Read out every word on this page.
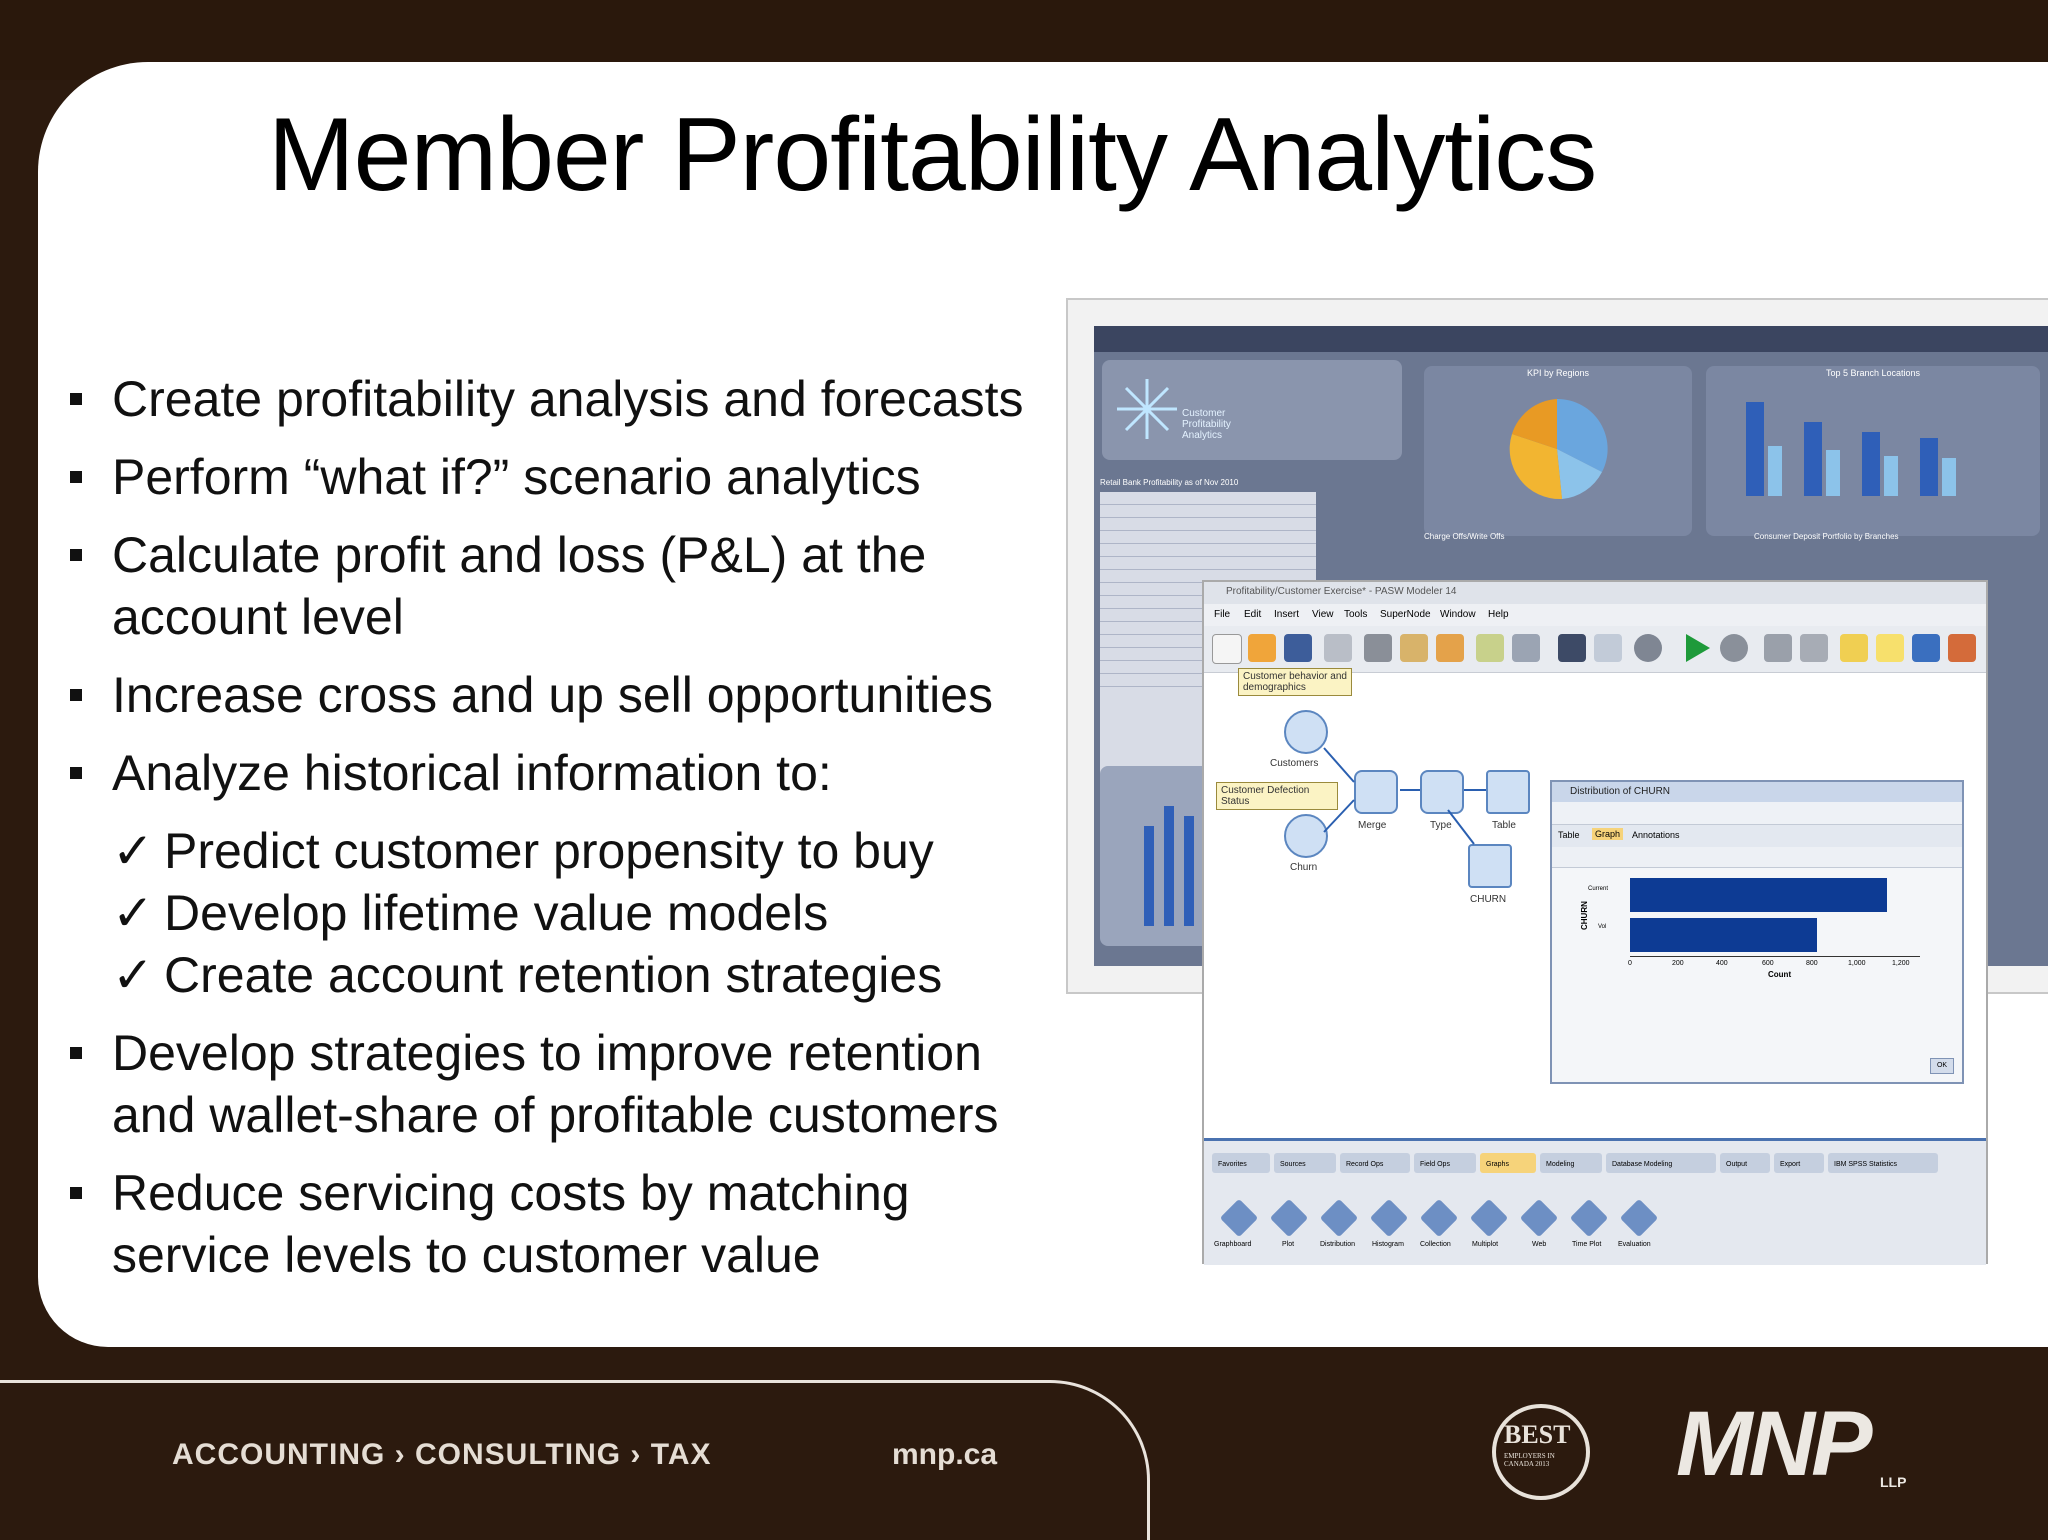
Member Profitability Analytics
Create profitability analysis and forecasts
Perform “what if?” scenario analytics
Calculate profit and loss (P&L) at the account level
Increase cross and up sell opportunities
Analyze historical information to:
✓ Predict customer propensity to buy
✓ Develop lifetime value models
✓ Create account retention strategies
Develop strategies to improve retention and wallet-share of profitable customers
Reduce servicing costs by matching service levels to customer value
Customer Profitability Analytics
KPI by Regions	Top 5 Branch Locations
Retail Bank Profitability as of Nov 2010
Charge Offs/Write Offs	Consumer Deposit Portfolio by Branches
Profitability/Customer Exercise* - PASW Modeler 14
File Edit Insert View Tools SuperNode Window Help
Customer behavior and demographics
Customer Defection Status
Customers
Churn
Merge	Type	Table
CHURN
Distribution of CHURN
Table	Graph	Annotations
CHURN
Current
Vol
0	200	400	600	800	1,000	1,200
Count
OK
Favorites	Sources	Record Ops	Field Ops	Graphs	Modeling	Database Modeling	Output	Export	IBM SPSS Statistics
Graphboard	Plot	Distribution Histogram Collection	Multiplot	Web	Time Plot Evaluation
ACCOUNTING › CONSULTING › TAX	mnp.ca
BEST
EMPLOYERS IN CANADA 2013 MNP LLP
